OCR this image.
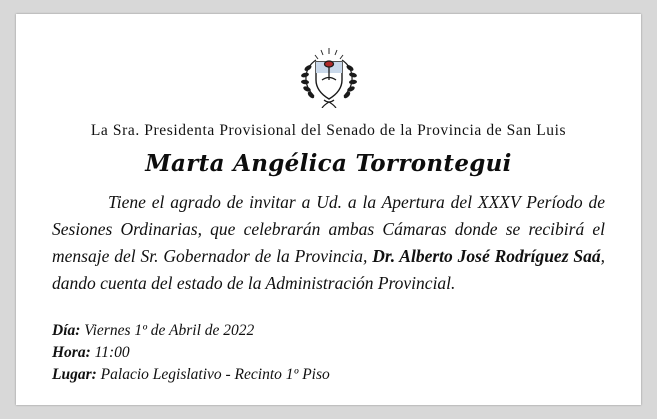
La Sra. Presidenta Provisional del Senado de la Provincia de San Luis
Marta Angélica Torrontegui
Tiene el agrado de invitar a Ud. a la Apertura del XXXV Período de Sesiones Ordinarias, que celebrarán ambas Cámaras donde se recibirá el mensaje del Sr. Gobernador de la Provincia, Dr. Alberto José Rodríguez Saá, dando cuenta del estado de la Administración Provincial.
Día: Viernes 1º de Abril de 2022
Hora: 11:00
Lugar: Palacio Legislativo - Recinto 1º Piso
